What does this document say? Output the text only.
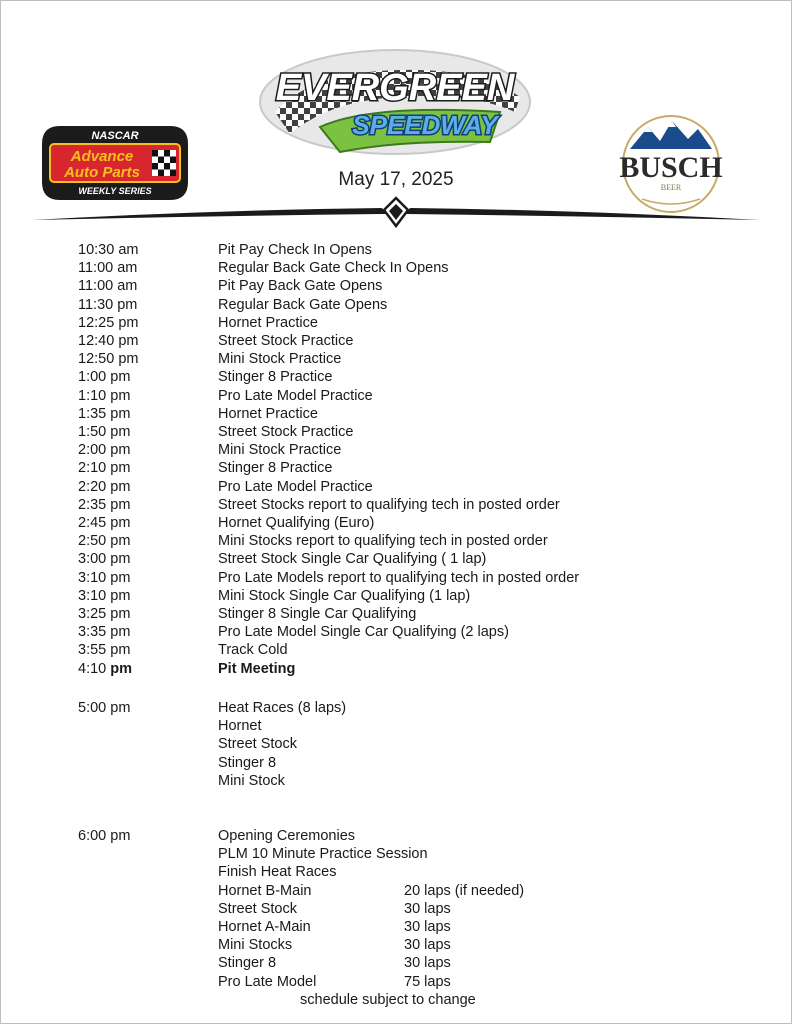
EVERGREEN
SPEEDWAY
NASCAR
Advance
Auto Parts
WEEKLY SERIES
BUSCH
BEER
May 17, 2025
10:30 am	Pit Pay Check In Opens
11:00 am	Regular Back Gate Check In Opens
11:00 am	Pit Pay Back Gate Opens
11:30 pm	Regular Back Gate Opens
12:25 pm	Hornet Practice
12:40 pm	Street Stock Practice
12:50 pm	Mini Stock Practice
1:00 pm	Stinger 8 Practice
1:10 pm	Pro Late Model Practice
1:35 pm	Hornet Practice
1:50 pm	Street Stock Practice
2:00 pm	Mini Stock Practice
2:10 pm	Stinger 8 Practice
2:20 pm	Pro Late Model Practice
2:35 pm	Street Stocks report to qualifying tech in posted order
2:45 pm	Hornet Qualifying (Euro)
2:50 pm	Mini Stocks report to qualifying tech in posted order
3:00 pm	Street Stock Single Car Qualifying ( 1 lap)
3:10 pm	Pro Late Models report to qualifying tech in posted order
3:10 pm	Mini Stock Single Car Qualifying (1 lap)
3:25 pm	Stinger 8 Single Car Qualifying
3:35 pm	Pro Late Model Single Car Qualifying (2 laps)
3:55 pm	Track Cold
4:10 pm	Pit Meeting
5:00 pm	Heat Races (8 laps)
Hornet
Street Stock
Stinger 8
Mini Stock
6:00 pm	Opening Ceremonies
PLM 10 Minute Practice Session
Finish Heat Races
Hornet B-Main	20 laps (if needed)
Street Stock	30 laps
Hornet A-Main	30 laps
Mini Stocks	30 laps
Stinger 8	30 laps
Pro Late Model	75 laps
schedule subject to change
